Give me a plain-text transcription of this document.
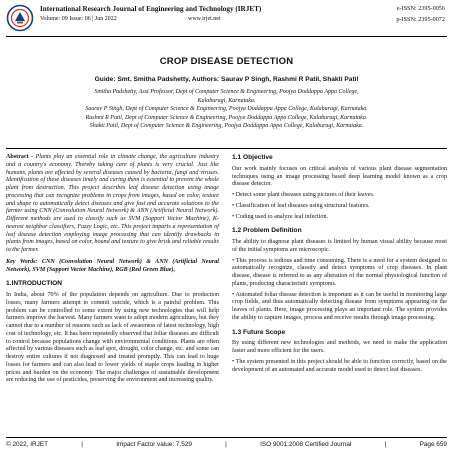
International Research Journal of Engineering and Technology (IRJET)
Volume: 09 Issue: 06 | Jun 2022	www.irjet.net
e-ISSN: 2395-0056
p-ISSN: 2395-0072
CROP DISEASE DETECTION
Guide: Smt. Smitha Padshetty, Authors: Saurav P Singh, Rashmi R Patil, Shakti Patil
Smitha Padshetty, Asst Professor, Dept of Computer Science & Engineering, Poojya Doddappa Appa College,
Kalaburagi, Karnataka.
Saurav P Singh, Dept of Computer Science & Engineering, Poojya Doddappa Appa College, Kalaburagi, Karnataka.
Rashmi R Patil, Dept of Computer Science & Engineering, Poojya Doddappa Appa College, Kalaburagi, Karnataka.
Shakti Patil, Dept of Computer Science & Engineering, Poojya Doddappa Appa College, Kalaburagi, Karnataka.
Abstract - Plants play an essential role in climate change, the agriculture industry and a country's economy. Thereby taking care of plants is very crucial. Just like humans, plants are affected by several diseases caused by bacteria, fungi and viruses. Identification of these diseases timely and curing them is essential to prevent the whole plant from destruction. This project describes leaf disease detection using image processing that can recognize problems in crops from images, based on color, texture and shape to automatically detect diseases and give fast and accurate solutions to the farmer using CNN (Convolution Neural Network) & ANN (Artificial Neural Network). Different methods are used to classify such as SVM (Support Vector Machine), K- nearest neighbor classifiers, Fuzzy Logic, etc. This project imparts a representation of leaf disease detection employing image processing that can identify drawbacks in plants from images, based on color, bound and texture to give brisk and reliable results to the farmer.
Key Words: CNN (Convolution Neural Network) & ANN (Artificial Neural Network), SVM (Support Vector Machine), RGB (Red Green Blue),
1.INTRODUCTION
In India, about 70% of the population depends on agriculture. Due to production losses, many farmers attempt to commit suicide, which is a painful problem. This problem can be controlled to some extent by using new technologies that will help farmers improve the harvest. Many farmers want to adopt modern agriculture, but they cannot due to a number of reasons such as lack of awareness of latest technology, high cost of technology, etc. It has been repeatedly observed that foliar diseases are difficult to control because populations change with environmental conditions. Plants are often affected by various diseases such as leaf spot, drought, color change, etc. and some can destroy entire cultures if not diagnosed and treated promptly. This can lead to huge losses for farmers and can also lead to lower yields of staple crops leading to higher prices and burden on the economy. The major challenges of sustainable development are reducing the use of pesticides, preserving the environment and increasing quality.
1.1 Objective
Our work mainly focuses on critical analysis of various plant disease segmentation techniques using an image processing based deep learning model known as a crop disease detector.
• Detect some plant diseases using pictures of their leaves.
• Classification of leaf diseases using structural features.
• Coding used to analyze leaf infection.
1.2 Problem Definition
The ability to diagnose plant diseases is limited by human visual ability because most of the initial symptoms are microscopic.
• This process is tedious and time consuming. There is a need for a system designed to automatically recognize, classify and detect symptoms of crop diseases. In plant disease, disease is referred to as any alteration of the normal physiological function of plants, producing characteristic symptoms.
• Automated foliar disease detection is important as it can be useful in monitoring large crop fields, and thus automatically detecting disease from symptoms appearing on the leaves of plants. Here, image processing plays an important role. The system provides the ability to capture images, process and receive results through image processing.
1.3 Future Scope
By using different new technologies and methods, we need to make the application faster and more efficient for the users.
• The system presented in this project should be able to function correctly, based on the development of an automated and accurate model used to detect leaf diseases.
© 2022, IRJET	|	Impact Factor value: 7.529	|	ISO 9001:2008 Certified Journal	|	Page 659
